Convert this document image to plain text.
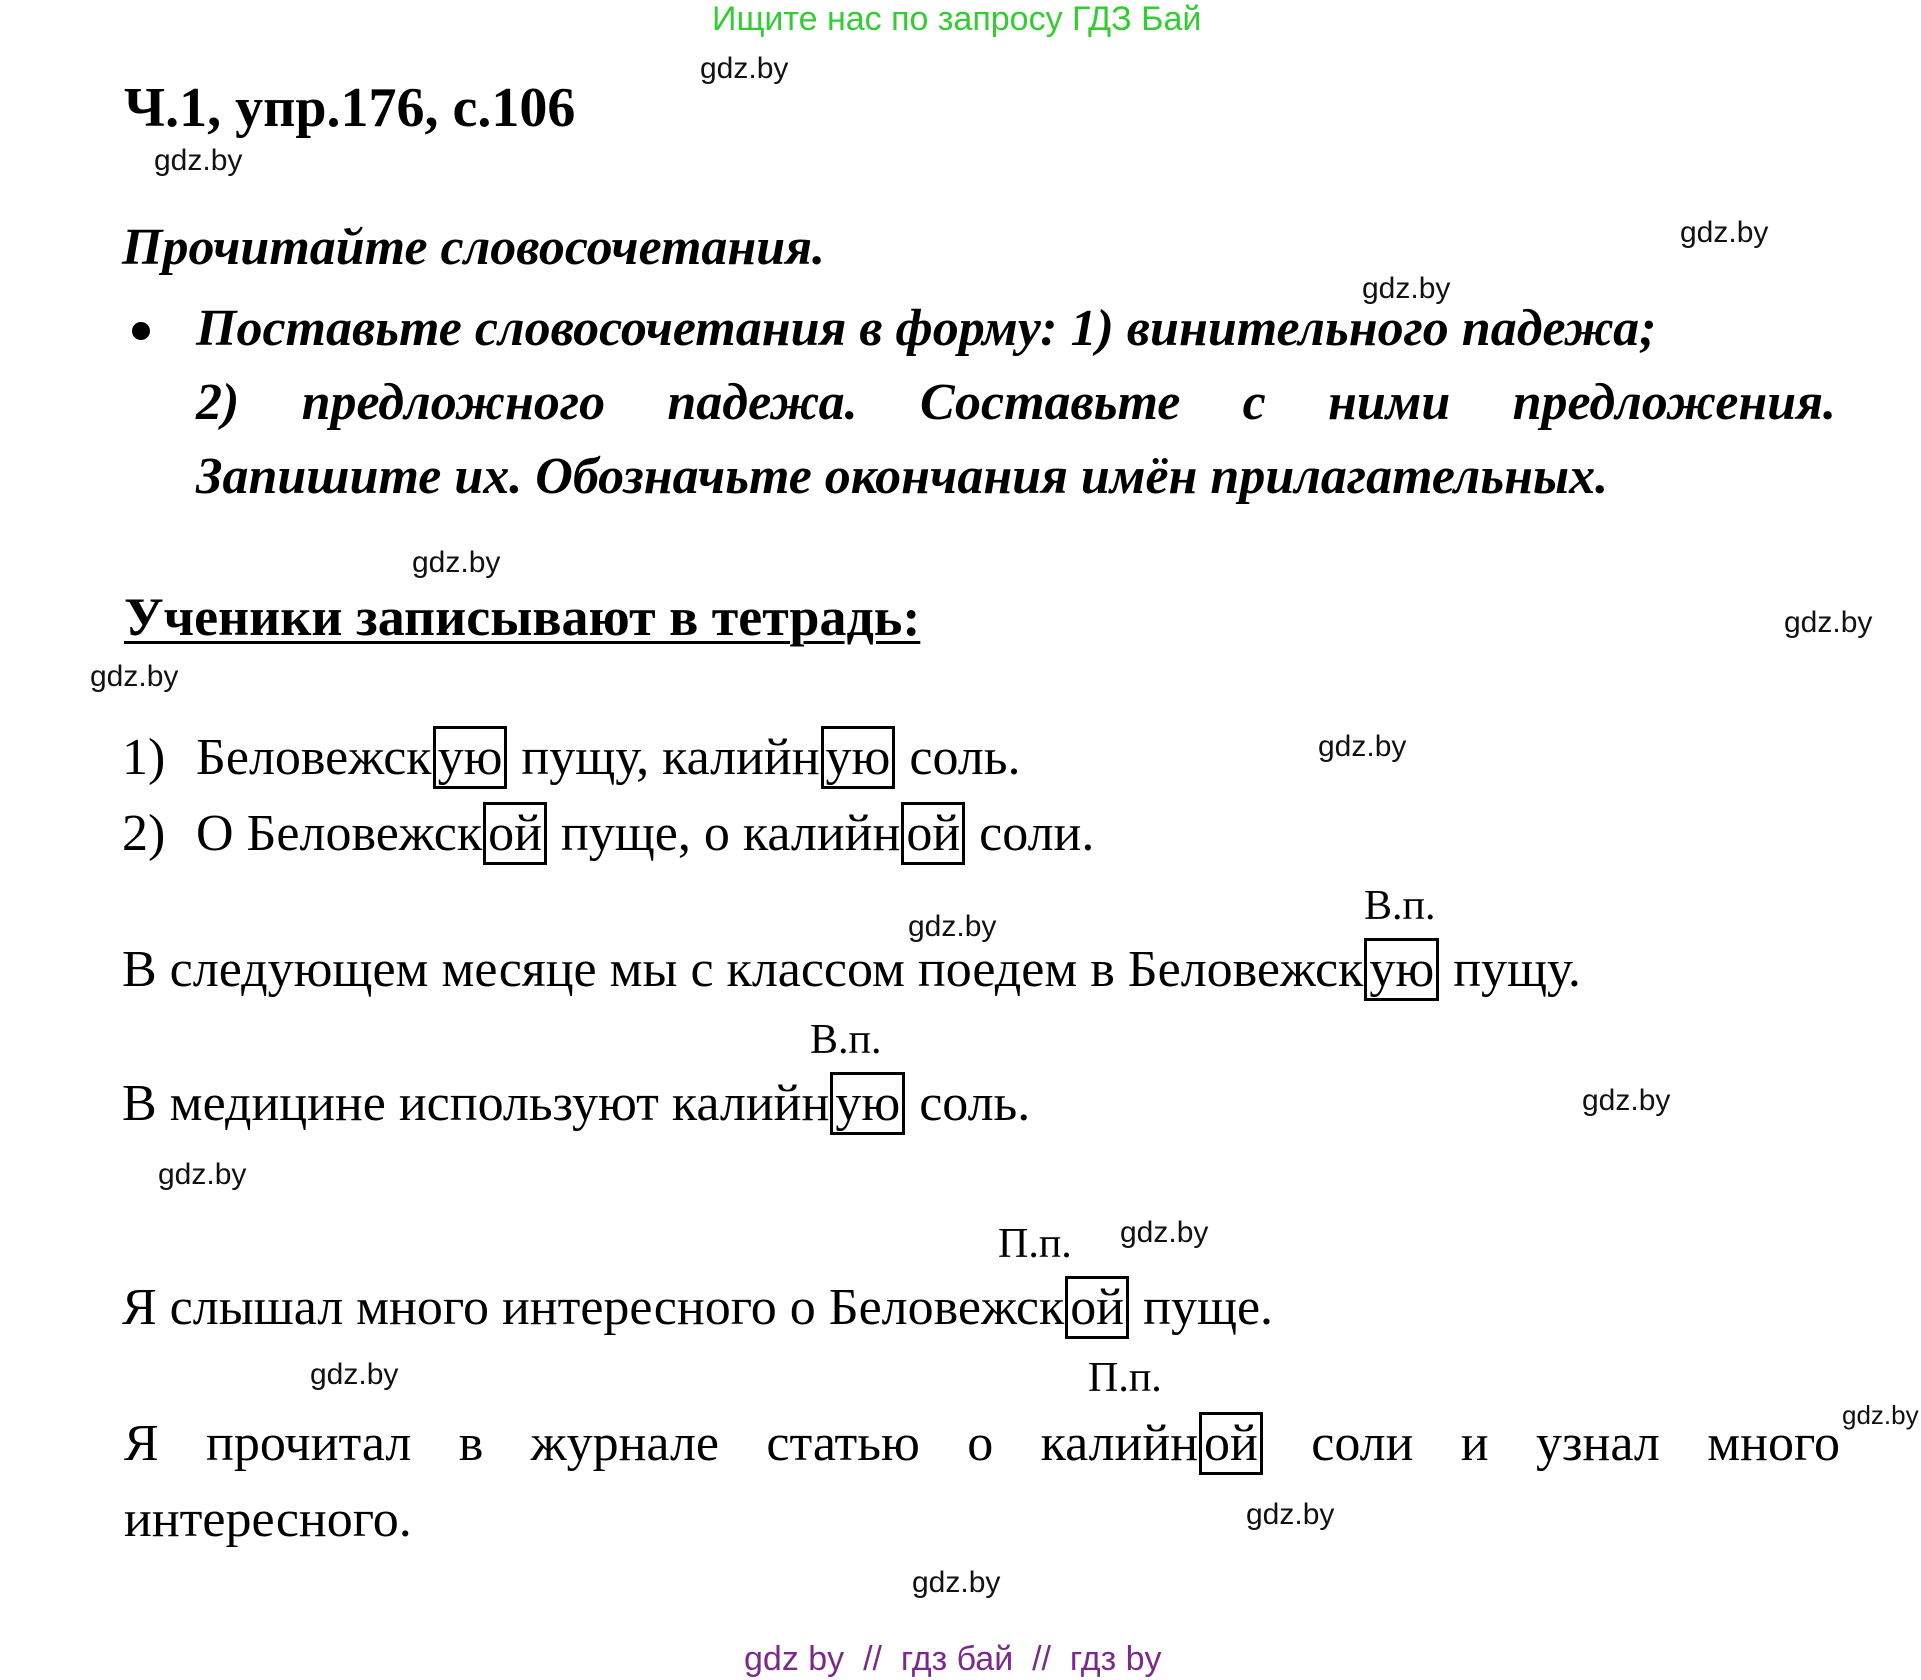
Ищите нас по запросу ГДЗ Бай
gdz.by
gdz.by
gdz.by
gdz.by
gdz.by
gdz.by
gdz.by
gdz.by
gdz.by
gdz.by
gdz.by
gdz.by
gdz.by
gdz.by
gdz.by
gdz.by
Ч.1, упр.176, с.106
Прочитайте словосочетания.
Поставьте словосочетания в форму: 1) винительного падежа;
2) предложного падежа. Составьте с ними предложения.
Запишите их. Обозначьте окончания имён прилагательных.
Ученики записывают в тетрадь:
1) Беловежск ую пущу, калийн ую соль.
2) О Беловежск ой пуще, о калийн ой соли.
В.п.
В следующем месяце мы с классом поедем в Беловежск ую пущу.
В.п.
В медицине используют калийн ую соль.
П.п.
Я слышал много интересного о Беловежск ой пуще.
П.п.
Я прочитал в журнале статью о калийн ой соли и узнал много
интересного.
gdz by  //  гдз бай  //  гдз by
